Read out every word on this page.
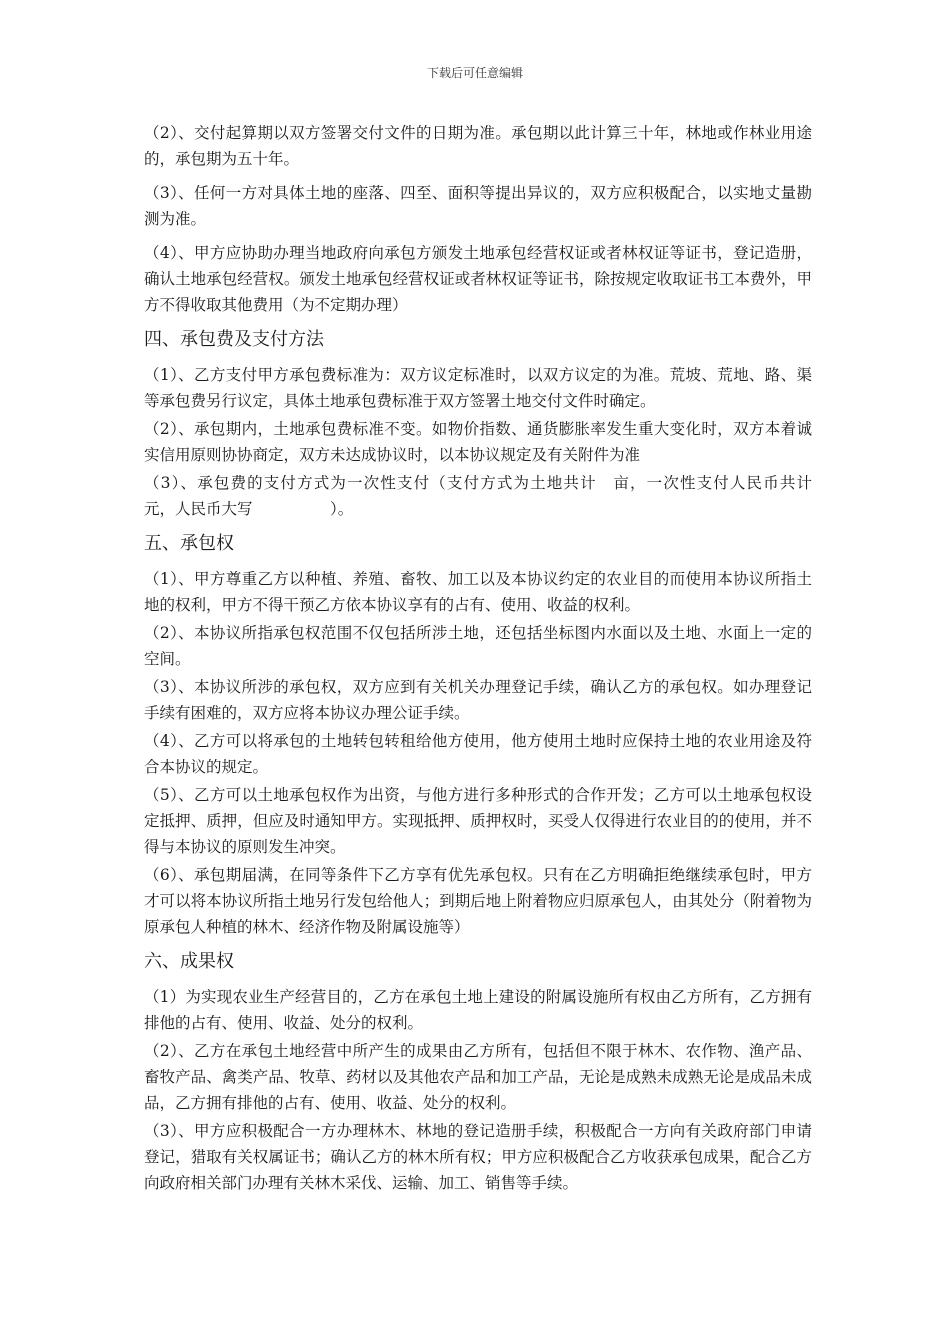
下载后可任意编辑

（2）、交付起算期以双方签署交付文件的日期为准。承包期以此计算三十年，林地或作林业用途的，承包期为五十年。

（3）、任何一方对具体土地的座落、四至、面积等提出异议的，双方应积极配合，以实地丈量勘测为准。

（4）、甲方应协助办理当地政府向承包方颁发土地承包经营权证或者林权证等证书，登记造册，确认土地承包经营权。颁发土地承包经营权证或者林权证等证书，除按规定收取证书工本费外，甲方不得收取其他费用（为不定期办理）

四、承包费及支付方法

（1）、乙方支付甲方承包费标准为：双方议定标准时，以双方议定的为准。荒坡、荒地、路、渠等承包费另行议定，具体土地承包费标准于双方签署土地交付文件时确定。

（2）、承包期内，土地承包费标准不变。如物价指数、通货膨胀率发生重大变化时，双方本着诚实信用原则协协商定，双方未达成协议时，以本协议规定及有关附件为准

（3）、承包费的支付方式为一次性支付（支付方式为土地共计　亩，一次性支付人民币共计　　元，人民币大写　　　　　）。

五、承包权

（1）、甲方尊重乙方以种植、养殖、畜牧、加工以及本协议约定的农业目的而使用本协议所指土地的权利，甲方不得干预乙方依本协议享有的占有、使用、收益的权利。

（2）、本协议所指承包权范围不仅包括所涉土地，还包括坐标图内水面以及土地、水面上一定的空间。

（3）、本协议所涉的承包权，双方应到有关机关办理登记手续，确认乙方的承包权。如办理登记手续有困难的，双方应将本协议办理公证手续。

（4）、乙方可以将承包的土地转包转租给他方使用，他方使用土地时应保持土地的农业用途及符合本协议的规定。

（5）、乙方可以土地承包权作为出资，与他方进行多种形式的合作开发；乙方可以土地承包权设定抵押、质押，但应及时通知甲方。实现抵押、质押权时，买受人仅得进行农业目的的使用，并不得与本协议的原则发生冲突。

（6）、承包期届满，在同等条件下乙方享有优先承包权。只有在乙方明确拒绝继续承包时，甲方才可以将本协议所指土地另行发包给他人；到期后地上附着物应归原承包人，由其处分（附着物为原承包人种植的林木、经济作物及附属设施等）

六、成果权

（1）为实现农业生产经营目的，乙方在承包土地上建设的附属设施所有权由乙方所有，乙方拥有排他的占有、使用、收益、处分的权利。

（2）、乙方在承包土地经营中所产生的成果由乙方所有，包括但不限于林木、农作物、渔产品、畜牧产品、禽类产品、牧草、药材以及其他农产品和加工产品，无论是成熟未成熟无论是成品未成品，乙方拥有排他的占有、使用、收益、处分的权利。

（3）、甲方应积极配合一方办理林木、林地的登记造册手续，积极配合一方向有关政府部门申请登记，猎取有关权属证书；确认乙方的林木所有权；甲方应积极配合乙方收获承包成果，配合乙方向政府相关部门办理有关林木采伐、运输、加工、销售等手续。
